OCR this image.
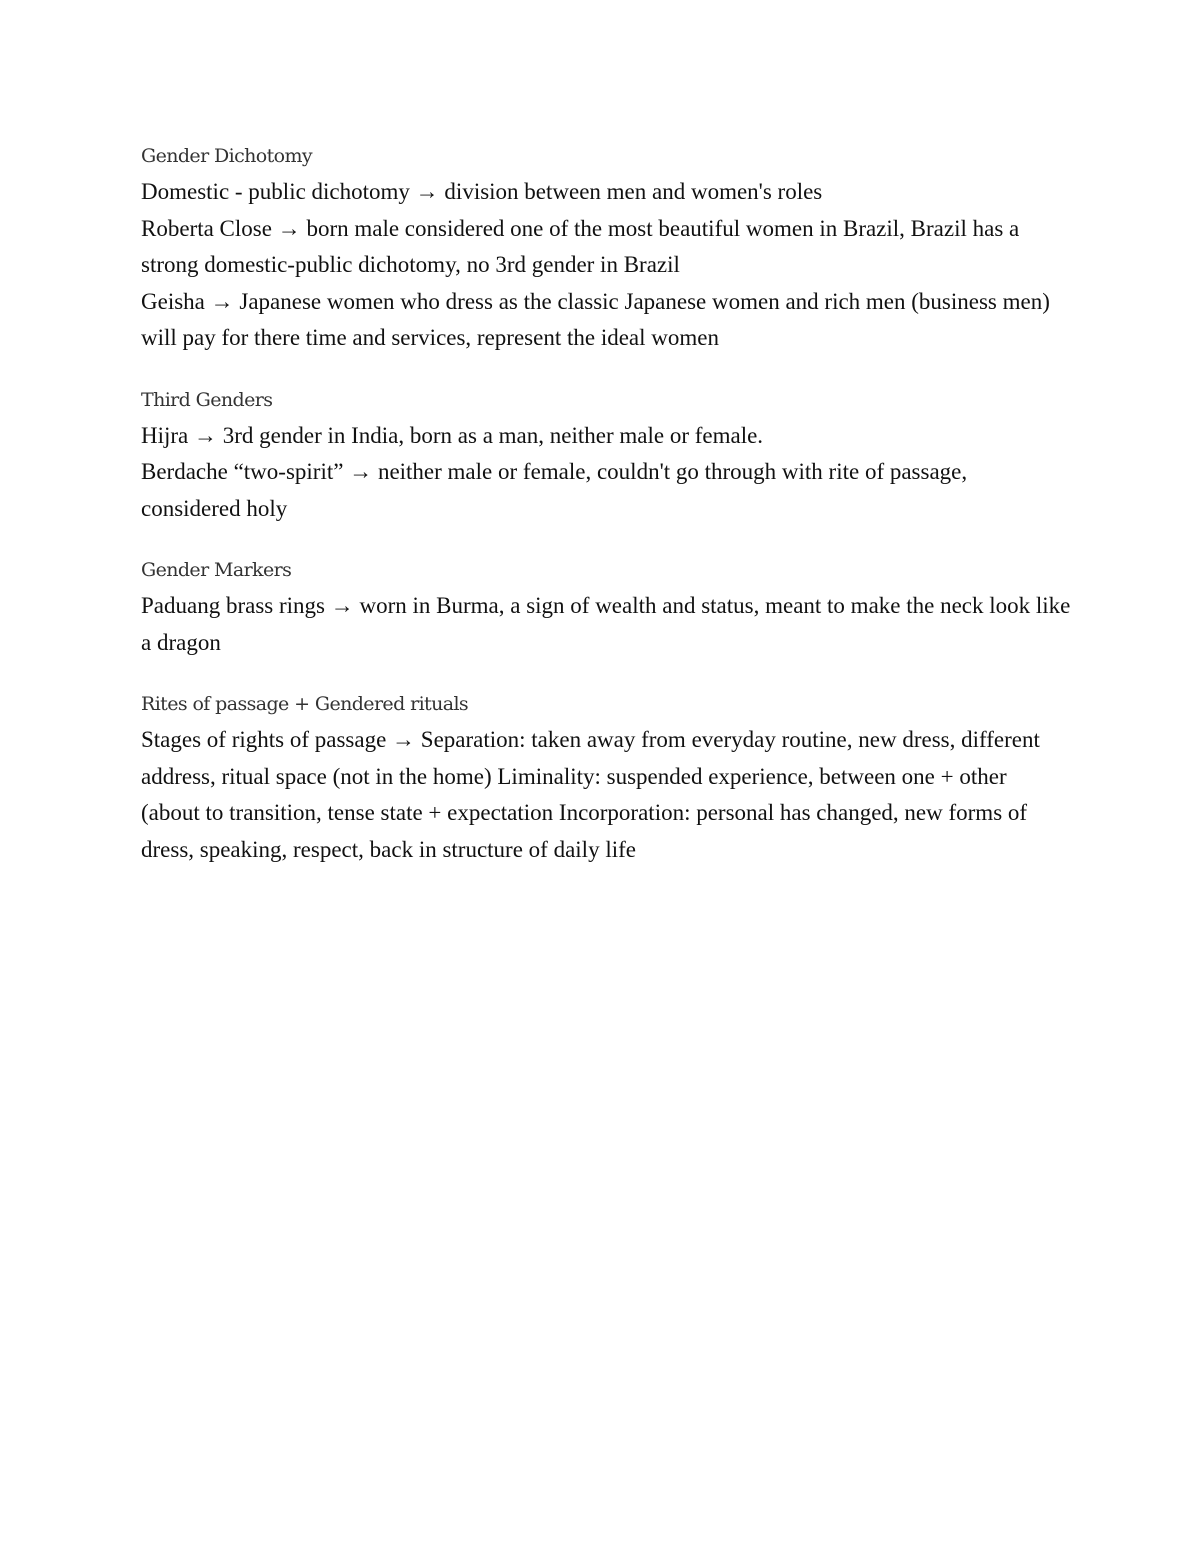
Gender Dichotomy

Domestic - public dichotomy → division between men and women's roles

Roberta Close → born male considered one of the most beautiful women in Brazil, Brazil has a strong domestic-public dichotomy, no 3rd gender in Brazil

Geisha → Japanese women who dress as the classic Japanese women and rich men (business men) will pay for there time and services, represent the ideal women

Third Genders

Hijra → 3rd gender in India, born as a man, neither male or female.

Berdache “two-spirit” → neither male or female, couldn't go through with rite of passage, considered holy

Gender Markers

Paduang brass rings → worn in Burma, a sign of wealth and status, meant to make the neck look like a dragon

Rites of passage + Gendered rituals

Stages of rights of passage → Separation: taken away from everyday routine, new dress, different address, ritual space (not in the home) Liminality: suspended experience, between one + other (about to transition, tense state + expectation Incorporation: personal has changed, new forms of dress, speaking, respect, back in structure of daily life
